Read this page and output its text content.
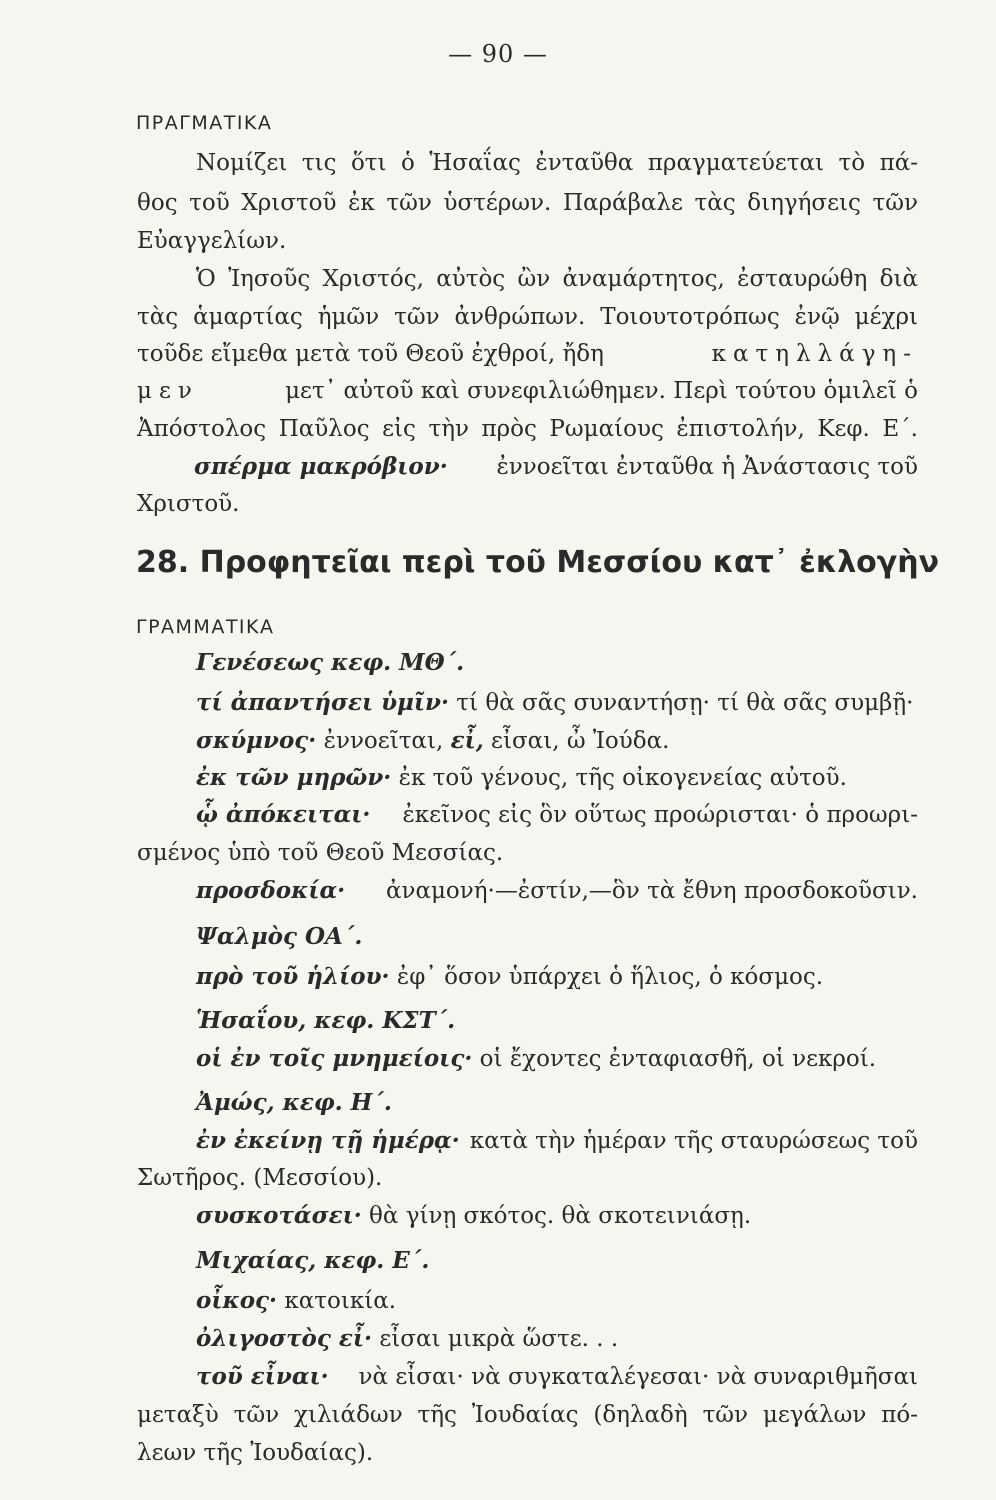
— 90 —
ΠΡΑΓΜΑΤΙΚΑ
Νομίζει τις ὅτι ὁ Ἡσαΐας ἐνταῦθα πραγματεύεται τὸ πά-
θος τοῦ Χριστοῦ ἐκ τῶν ὑστέρων. Παράβαλε τὰς διηγήσεις τῶν
Εὐαγγελίων.
Ὁ Ἰησοῦς Χριστός, αὐτὸς ὢν ἀναμάρτητος, ἐσταυρώθη διὰ
τὰς ἁμαρτίας ἡμῶν τῶν ἀνθρώπων. Τοιουτοτρόπως ἐνῷ μέχρι
τοῦδε εἴμεθα μετὰ τοῦ Θεοῦ ἐχθροί, ἤδη	κατηλλάγη-
μεν	μετ᾿ αὐτοῦ καὶ συνεφιλιώθημεν. Περὶ τούτου ὁμιλεῖ ὁ
Ἀπόστολος Παῦλος εἰς τὴν πρὸς Ρωμαίους ἐπιστολήν, Κεφ. Ε΄.
σπέρμα μακρόβιον· ἐννοεῖται ἐνταῦθα ἡ Ἀνάστασις τοῦ
Χριστοῦ.
28. Προφητεῖαι περὶ τοῦ Μεσσίου κατ᾿ ἐκλογὴν
ΓΡΑΜΜΑΤΙΚΑ
Γενέσεως κεφ. ΜΘ΄.
τί ἀπαντήσει ὑμῖν· τί θὰ σᾶς συναντήσῃ· τί θὰ σᾶς συμβῇ·
σκύμνος· ἐννοεῖται, εἶ, εἶσαι, ὦ Ἰούδα.
ἐκ τῶν μηρῶν· ἐκ τοῦ γένους, τῆς οἰκογενείας αὐτοῦ.
ᾧ ἀπόκειται· ἐκεῖνος εἰς ὃν οὕτως προώρισται· ὁ προωρι-
σμένος ὑπὸ τοῦ Θεοῦ Μεσσίας.
προσδοκία· ἀναμονή·—ἐστίν,—ὃν τὰ ἔθνη προσδοκοῦσιν.
Ψαλμὸς ΟΑ΄.
πρὸ τοῦ ἡλίου· ἐφ᾿ ὅσον ὑπάρχει ὁ ἥλιος, ὁ κόσμος.
Ἡσαΐου, κεφ. ΚΣΤ΄.
οἱ ἐν τοῖς μνημείοις· οἱ ἔχοντες ἐνταφιασθῆ, οἱ νεκροί.
Ἀμώς, κεφ. Η΄.
ἐν ἐκείνῃ τῇ ἡμέρᾳ· κατὰ τὴν ἡμέραν τῆς σταυρώσεως τοῦ
Σωτῆρος. (Μεσσίου).
συσκοτάσει· θὰ γίνῃ σκότος. θὰ σκοτεινιάσῃ.
Μιχαίας, κεφ. Ε΄.
οἶκος· κατοικία.
ὀλιγοστὸς εἶ· εἶσαι μικρὰ ὥστε. . .
τοῦ εἶναι· νὰ εἶσαι· νὰ συγκαταλέγεσαι· νὰ συναριθμῆσαι
μεταξὺ τῶν χιλιάδων τῆς Ἰουδαίας (δηλαδὴ τῶν μεγάλων πό-
λεων τῆς Ἰουδαίας).
